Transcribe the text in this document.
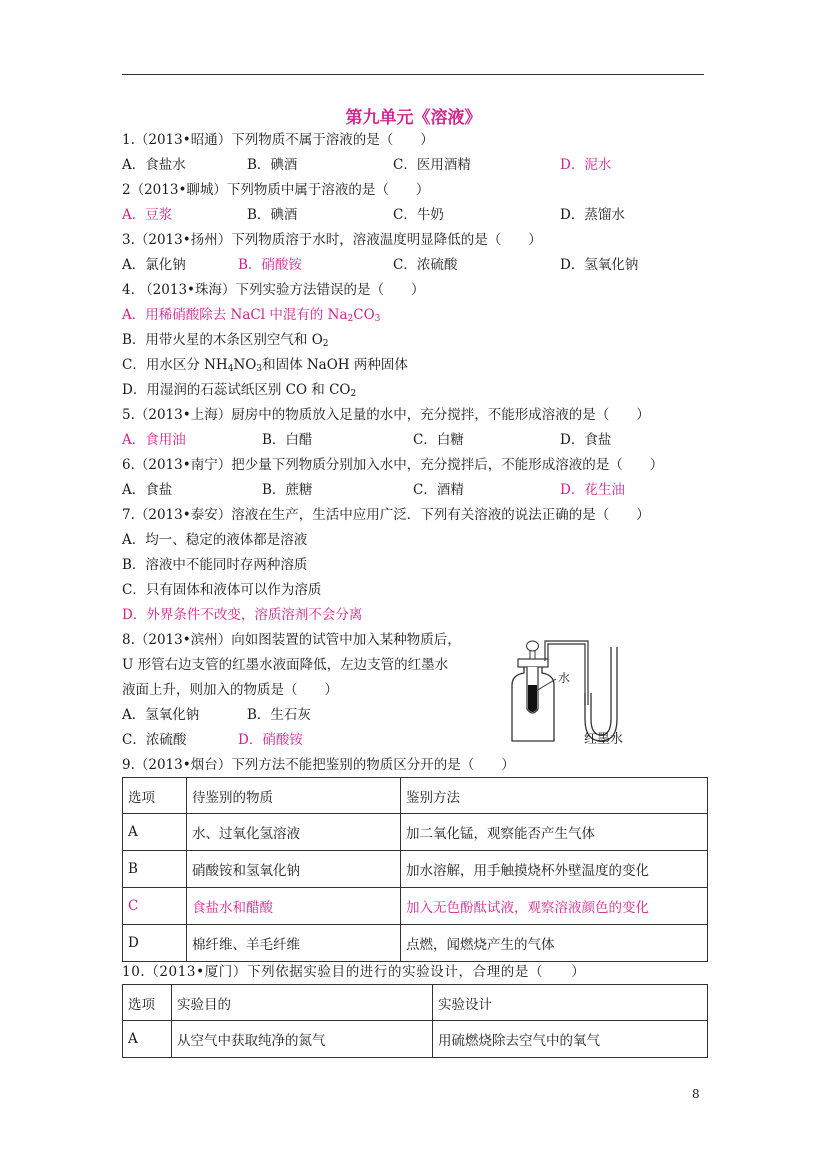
第九单元《溶液》
1.（2013•昭通）下列物质不属于溶液的是（　　）
A．食盐水	B．碘酒	C．医用酒精	D．泥水
2（2013•聊城）下列物质中属于溶液的是（　　）
A．豆浆	B．碘酒	C．牛奶	D．蒸馏水
3.（2013•扬州）下列物质溶于水时，溶液温度明显降低的是（　　）
A．氯化钠	B．硝酸铵	C．浓硫酸	D．氢氧化钠
4. （2013•珠海）下列实验方法错误的是（　　）
A．用稀硝酸除去 NaCl 中混有的 $Na_2CO_3$
B．用带火星的木条区别空气和 $O_2$
C．用水区分 $NH_4NO_3$和固体 NaOH 两种固体
D．用湿润的石蕊试纸区别 CO 和 $CO_2$
5.（2013•上海）厨房中的物质放入足量的水中，充分搅拌，不能形成溶液的是（　　）
A．食用油	B．白醋	C．白糖	D．食盐
6.（2013•南宁）把少量下列物质分别加入水中，充分搅拌后，不能形成溶液的是（　　）
A．食盐	B．蔗糖	C．酒精	D．花生油
7.（2013•泰安）溶液在生产，生活中应用广泛．下列有关溶液的说法正确的是（　　）
A．均一、稳定的液体都是溶液
B．溶液中不能同时存两种溶质
C．只有固体和液体可以作为溶质
D．外界条件不改变，溶质溶剂不会分离
8.（2013•滨州）向如图装置的试管中加入某种物质后，
U 形管右边支管的红墨水液面降低，左边支管的红墨水
液面上升，则加入的物质是（　　）
A．氢氧化钠	B．生石灰
C．浓硫酸	D．硝酸铵
水
红墨水
9.（2013•烟台）下列方法不能把鉴别的物质区分开的是（　　）
选项	待鉴别的物质	鉴别方法
A	水、过氧化氢溶液	加二氧化锰，观察能否产生气体
B	硝酸铵和氢氧化钠	加水溶解，用手触摸烧杯外壁温度的变化
C	食盐水和醋酸	加入无色酚酞试液，观察溶液颜色的变化
D	棉纤维、羊毛纤维	点燃，闻燃烧产生的气体
10.（2013•厦门）下列依据实验目的进行的实验设计，合理的是（　　）
选项	实验目的	实验设计
A	从空气中获取纯净的氮气	用硫燃烧除去空气中的氧气
8
